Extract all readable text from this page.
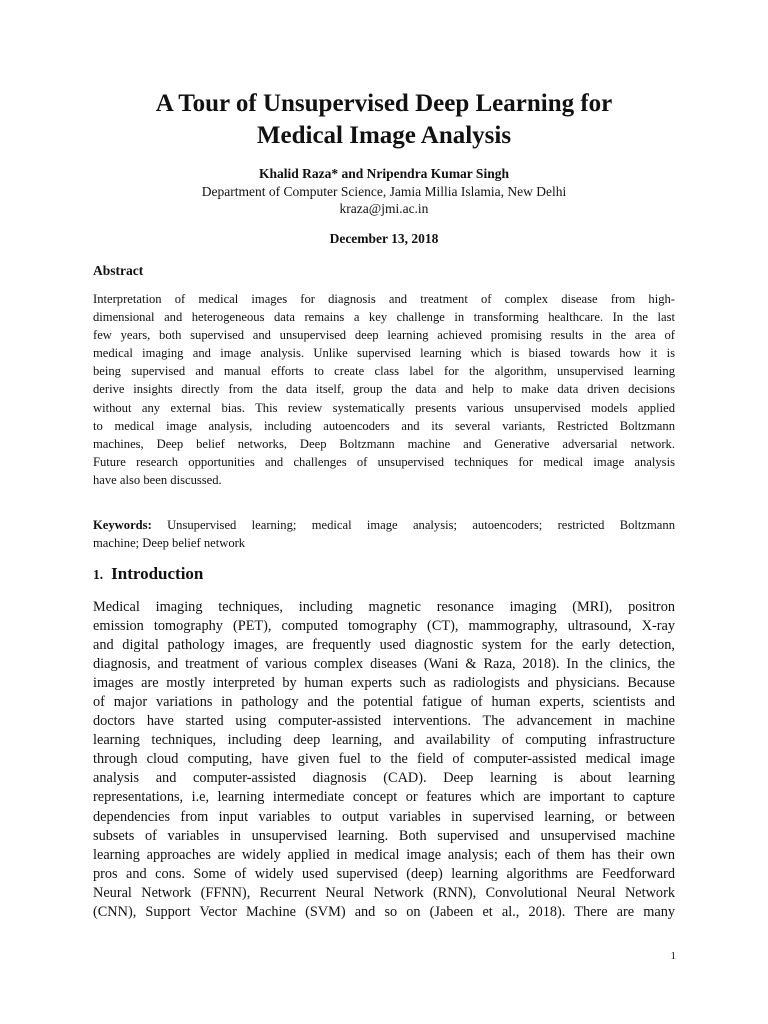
A Tour of Unsupervised Deep Learning for
Medical Image Analysis
Khalid Raza* and Nripendra Kumar Singh
Department of Computer Science, Jamia Millia Islamia, New Delhi
kraza@jmi.ac.in
December 13, 2018
Abstract
Interpretation of medical images for diagnosis and treatment of complex disease from high-
dimensional and heterogeneous data remains a key challenge in transforming healthcare. In the last
few years, both supervised and unsupervised deep learning achieved promising results in the area of
medical imaging and image analysis. Unlike supervised learning which is biased towards how it is
being supervised and manual efforts to create class label for the algorithm, unsupervised learning
derive insights directly from the data itself, group the data and help to make data driven decisions
without any external bias. This review systematically presents various unsupervised models applied
to medical image analysis, including autoencoders and its several variants, Restricted Boltzmann
machines, Deep belief networks, Deep Boltzmann machine and Generative adversarial network.
Future research opportunities and challenges of unsupervised techniques for medical image analysis
have also been discussed.
Keywords: Unsupervised learning; medical image analysis; autoencoders; restricted Boltzmann
machine; Deep belief network
1. Introduction
Medical imaging techniques, including magnetic resonance imaging (MRI), positron
emission tomography (PET), computed tomography (CT), mammography, ultrasound, X-ray
and digital pathology images, are frequently used diagnostic system for the early detection,
diagnosis, and treatment of various complex diseases (Wani & Raza, 2018). In the clinics, the
images are mostly interpreted by human experts such as radiologists and physicians. Because
of major variations in pathology and the potential fatigue of human experts, scientists and
doctors have started using computer-assisted interventions. The advancement in machine
learning techniques, including deep learning, and availability of computing infrastructure
through cloud computing, have given fuel to the field of computer-assisted medical image
analysis and computer-assisted diagnosis (CAD). Deep learning is about learning
representations, i.e, learning intermediate concept or features which are important to capture
dependencies from input variables to output variables in supervised learning, or between
subsets of variables in unsupervised learning. Both supervised and unsupervised machine
learning approaches are widely applied in medical image analysis; each of them has their own
pros and cons. Some of widely used supervised (deep) learning algorithms are Feedforward
Neural Network (FFNN), Recurrent Neural Network (RNN), Convolutional Neural Network
(CNN), Support Vector Machine (SVM) and so on (Jabeen et al., 2018). There are many
1
